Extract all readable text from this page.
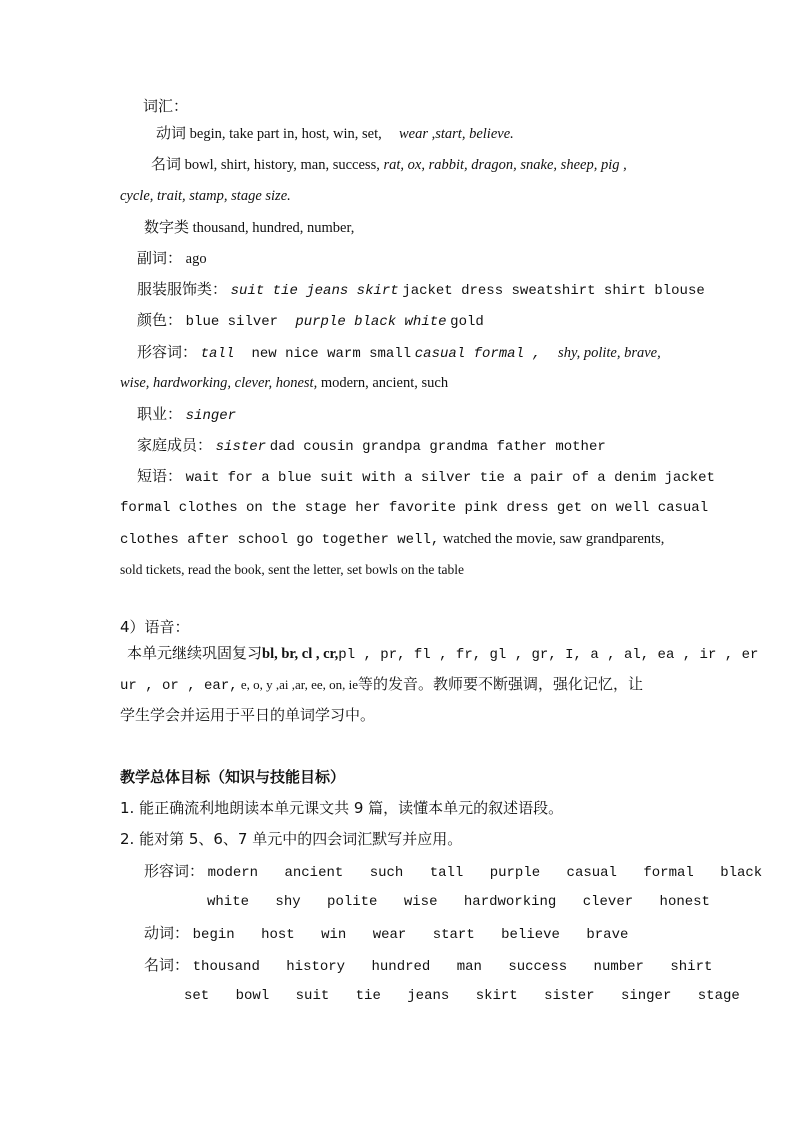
词汇：
动词 begin, take part in, host, win, set, wear ,start, believe.
名词 bowl, shirt, history, man, success, rat, ox, rabbit, dragon, snake, sheep, pig ,
cycle, trait, stamp, stage size.
数字类 thousand, hundred, number,
副词： ago
服装服饰类： suit tie jeans skirt jacket dress sweatshirt shirt blouse
颜色： blue silver purple black white gold
形容词： tall new nice warm small casual formal , shy, polite, brave,
wise, hardworking, clever, honest, modern, ancient, such
职业： singer
家庭成员： sister dad cousin grandpa grandma father mother
短语： wait for a blue suit with a silver tie a pair of a denim jacket
formal clothes on the stage her favorite pink dress get on well casual
clothes after school go together well, watched the movie, saw grandparents,
sold tickets, read the book, sent the letter, set bowls on the table
4）语音：
本单元继续巩固复习bl, br, cl , cr,pl , pr, fl , fr, gl , gr, I, a , al, ea , ir , er
ur , or , ear, e, o, y ,ai ,ar, ee, on, ie等的发音。教师要不断强调，强化记忆，让
学生学会并运用于平日的单词学习中。
教学总体目标（知识与技能目标）
1. 能正确流利地朗读本单元课文共 9 篇，读懂本单元的叙述语段。
2. 能对第 5、6、7 单元中的四会词汇默写并应用。
形容词： modern ancient such tall purple casual formal black
white shy polite wise hardworking clever honest
动词： begin host win wear start believe brave
名词： thousand history hundred man success number shirt
set bowl suit tie jeans skirt sister singer stage
